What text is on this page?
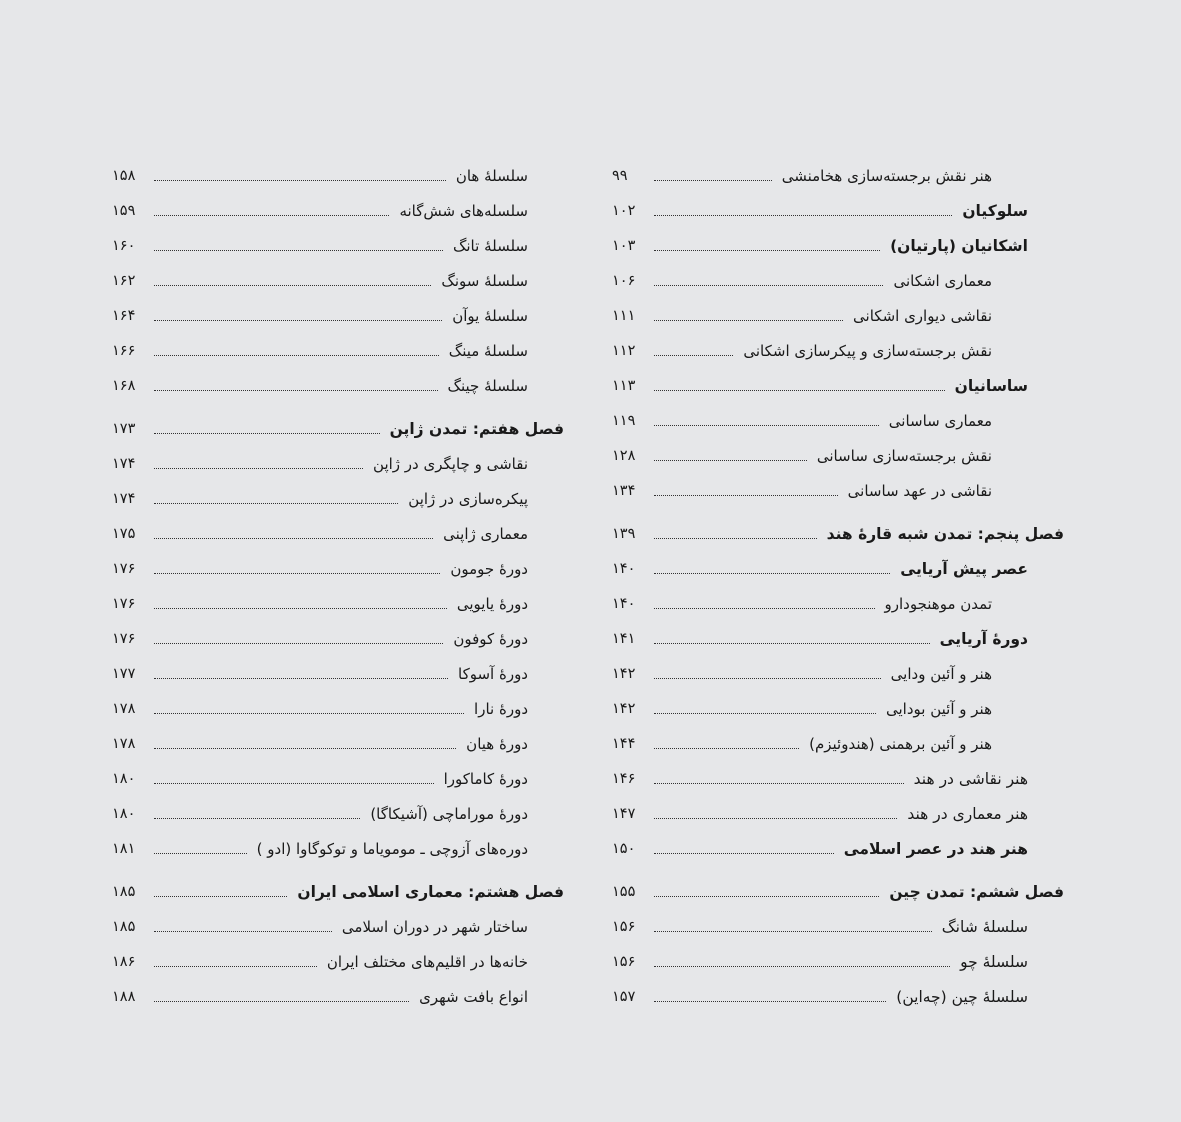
هنر نقش برجسته‌سازی هخامنشی
۹۹
سلوکیان
۱۰۲
اشکانیان (پارتیان)
۱۰۳
معماری اشکانی
۱۰۶
نقاشی دیواری اشکانی
۱۱۱
نقش برجسته‌سازی و پیکرسازی اشکانی
۱۱۲
ساسانیان
۱۱۳
معماری ساسانی
۱۱۹
نقش برجسته‌سازی ساسانی
۱۲۸
نقاشی در عهد ساسانی
۱۳۴
فصل پنجم: تمدن شبه قارۀ هند
۱۳۹
عصر پیش آریایی
۱۴۰
تمدن موهنجودارو
۱۴۰
دورۀ آریایی
۱۴۱
هنر و آئین ودایی
۱۴۲
هنر و آئین بودایی
۱۴۲
هنر و آئین برهمنی (هندوئیزم)
۱۴۴
هنر نقاشی در هند
۱۴۶
هنر معماری در هند
۱۴۷
هنر هند در عصر اسلامی
۱۵۰
فصل ششم: تمدن چین
۱۵۵
سلسلۀ شانگ
۱۵۶
سلسلۀ چو
۱۵۶
سلسلۀ چین (چه‌این)
۱۵۷
سلسلۀ هان
۱۵۸
سلسله‌های شش‌گانه
۱۵۹
سلسلۀ تانگ
۱۶۰
سلسلۀ سونگ
۱۶۲
سلسلۀ یوآن
۱۶۴
سلسلۀ مینگ
۱۶۶
سلسلۀ چینگ
۱۶۸
فصل هفتم: تمدن ژاپن
۱۷۳
نقاشی و چاپگری در ژاپن
۱۷۴
پیکره‌سازی در ژاپن
۱۷۴
معماری ژاپنی
۱۷۵
دورۀ جومون
۱۷۶
دورۀ یایویی
۱۷۶
دورۀ کوفون
۱۷۶
دورۀ آسوکا
۱۷۷
دورۀ نارا
۱۷۸
دورۀ هیان
۱۷۸
دورۀ کاماکورا
۱۸۰
دورۀ موراماچی (آشیکاگا)
۱۸۰
دوره‌های آزوچی ـ مومویاما و توکوگاوا (ادو )
۱۸۱
فصل هشتم: معماری اسلامی ایران
۱۸۵
ساختار شهر در دوران اسلامی
۱۸۵
خانه‌ها در اقلیم‌های مختلف ایران
۱۸۶
انواع بافت شهری
۱۸۸
